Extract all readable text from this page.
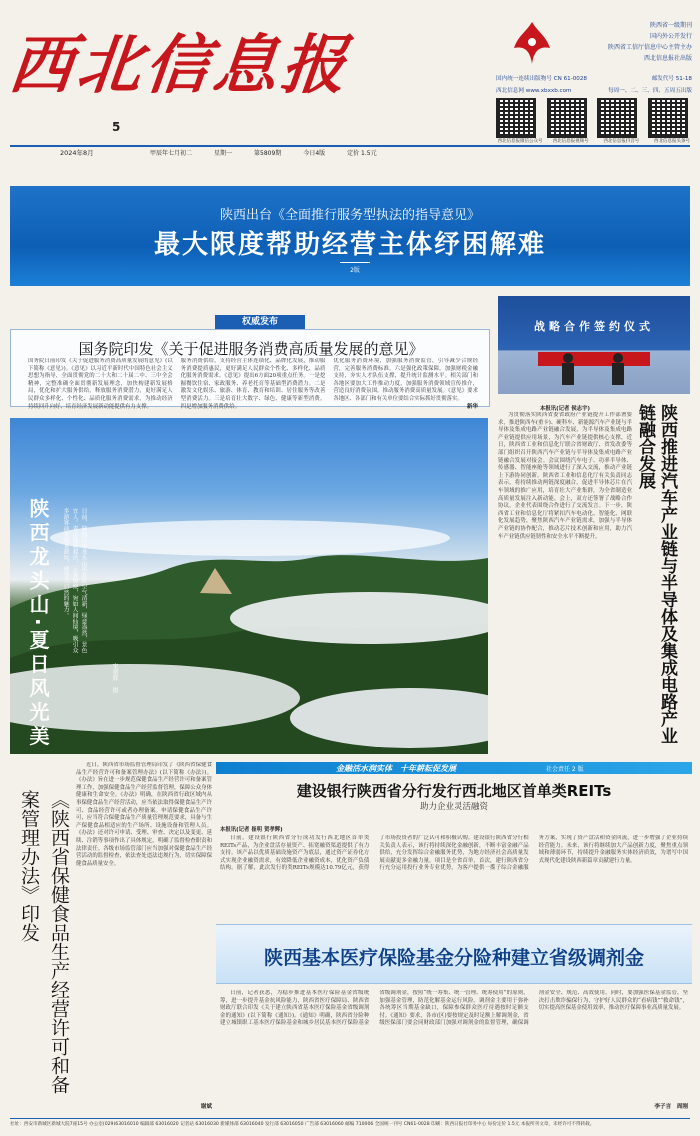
西北信息报
陕西省一级期刊
国内外公开发行
陕西省工信厅信息中心主管主办
西北信息报社出版
国内统一连续出版物号 CN 61-0028	邮发代号 51-18
西北信息网 www.xbxxb.com	每周一、二、三、四、五周五出版
西北信息报微信公众号	西北信息报视频号	西北信息报抖音号	西北信息报头条号
5
2024年8月	甲辰年七月初二	星期一	第5809期	今日4版	定价 1.5元
陕西出台《全面推行服务型执法的指导意见》
最大限度帮助经营主体纾困解难
2版
权威发布
国务院印发《关于促进服务消费高质量发展的意见》
国务院日前印发《关于促进服务消费高质量发展的意见》(以下简称《意见》)。《意见》以习近平新时代中国特色社会主义思想为指导，全面贯彻党的二十大和二十届二中、三中全会精神，完整准确全面贯彻新发展理念，加快构建新发展格局，优化和扩大服务供给，释放服务消费潜力，更好满足人民群众多样化、个性化、品质化服务消费需求，为推动经济持续回升向好、培育经济发展新动能提供有力支撑。
服务消费供给，支持经营主体连锁化、品牌化发展，推动服务消费提质惠民，更好满足人民群众个性化、多样化、品质化服务消费需求。《意见》提出6方面20项重点任务。一是挖掘餐饮住宿、家政服务、养老托育等基础型消费潜力。二是激发文化娱乐、旅游、体育、教育和培训、居住服务等改善型消费活力。三是培育壮大数字、绿色、健康等新型消费。四是增加服务消费供给。
优化服务消费环境，加强服务消费监管，引导减少合规经营，完善服务消费标准。六是强化政策保障，加强财税金融支持，夯实人才队伍支撑，提升统计监测水平。相关部门和各地区要加大工作推动力度，加强服务消费领域宣传推介，营造良好消费氛围，推动服务消费高质量发展。《意见》要求各地区、各部门和有关单位要结合实际抓好贯彻落实。
新华
陕西龙头山·夏日风光美	日前，陕西汉中龙头山风景区空气清新，绿意盎然，景色宜人。青山绵延起伏，云雾缭绕，宛如人间仙境，吸引众多游客前来避暑游玩，感受大自然的魅力。
宋朝辉　摄
战略合作签约仪式
陕西推进汽车产业链与半导体及集成电路产业链融合发展
本报讯(记者 侯志宇)
为贯彻落实陕西省委省政府产业链提升工作部署要求，推进陕西车(重卡)、硬科车、新能源汽车产业链与半导体及集成电路产业链融合发展，为半导体及集成电路产业链提供应用场景，为汽车产业链提供核心支撑，近日，陕西省工业和信息化厅联合省财政厅、省发改委等部门组织召开陕西汽车产业链与半导体及集成电路产业链融合发展对接会。会议围绕汽车电子、功率半导体、传感器、智能座舱等领域进行了深入交流，推动产业链上下游协同创新。陕西省工业和信息化厅有关负责同志表示，将持续推动两链深度融合，促进半导体芯片在汽车领域的推广应用，培育壮大产业集群，为全省制造业高质量发展注入新动能。会上，双方还签署了战略合作协议，企业代表围绕合作进行了交流发言。下一步，陕西省工业和信息化厅将紧扣汽车电动化、智能化、网联化发展趋势，聚焦陕西汽车产业链需求，加强与半导体产业链的协作配合，推动芯片技术创新和应用，助力汽车产业链供应链韧性和安全水平不断提升。
《陕西省保健食品生产经营许可和备案管理办法》印发
近日，陕西省市场监督管理局印发了《陕西省保健食品生产经营许可和备案管理办法》(以下简称《办法》)。《办法》旨在进一步规范保健食品生产经营许可和备案管理工作，加强保健食品生产经营监督管理，保障公众身体健康和生命安全。《办法》明确，在陕西省行政区域内从事保健食品生产经营活动，应当依法取得保健食品生产许可、食品经营许可或者办理备案。申请保健食品生产许可，应当符合保健食品生产质量管理规范要求，具备与生产保健食品相适应的生产场所、设施设备和管理人员。《办法》还对许可申请、受理、审查、决定以及变更、延续、注销等事项作出了具体规定，明确了监督检查职责和法律责任。各级市场监管部门应当加强对保健食品生产经营活动的监督检查，依法查处违法违规行为，切实保障保健食品质量安全。
谢斌
金融活水润实体　十年耕耘促发展	社会责任 2 版
建设银行陕西省分行发行西北地区首单类REITs
助力企业灵活融资
本报讯(记者 崔明 贺孝辉)
日前，建设银行陕西省分行成功发行西北地区首单类REITs产品，为企业盘活存量资产、拓宽融资渠道提供了有力支持。该产品以优质基础设施资产为底层，通过资产证券化方式实现企业融资需求，有效降低企业融资成本，优化资产负债结构。据了解，此次发行的类REITs规模达10.79亿元，获得了市场投资者的广泛认可和积极认购。建设银行陕西省分行相关负责人表示，该行将持续深化金融创新，不断丰富金融产品供给，充分发挥综合金融服务优势，为地方经济社会高质量发展贡献更多金融力量。项目是全省首单，首次，建行陕西省分行充分运用投行业务专业优势，为客户提供一揽子综合金融服务方案，实现了资产盘活和资金回流，进一步增强了企业持续经营能力。未来，该行将继续加大产品创新力度，聚焦重点领域和薄弱环节，持续提升金融服务实体经济质效，为谱写中国式现代化建设陕西新篇章贡献建行力量。
陕西基本医疗保险基金分险种建立省级调剂金
日前，记者获悉，为稳步推进基本医疗保险基金省级统筹，进一步提升基金抗风险能力，陕西省医疗保障局、陕西省财政厅联合印发《关于建立陕西省基本医疗保险基金省级调剂金的通知》(以下简称《通知》)。《通知》明确，陕西省分险种建立城镇职工基本医疗保险基金和城乡居民基本医疗保险基金省级调剂金，按照“统一筹集、统一管理、统筹使用”的原则，加强基金管理，防范化解基金运行风险。调剂金主要用于弥补各统筹区当期基金缺口，保障参保群众医疗待遇按时足额支付。《通知》要求，各市(区)要按规定及时足额上解调剂金，省级医保部门要会同财政部门加强对调剂金的监督管理，确保调剂金安全、规范、高效使用。同时，要加强医保基金监管，坚决打击欺诈骗保行为，守护好人民群众的“看病钱”“救命钱”，切实提高医保基金使用效率，推动医疗保障事业高质量发展。
李子言　周刚
社址：西安市新城区新城大院7座15号 办公室(029)63016010 编辑部 63016020 记者站 63016030 新媒体部 63016040 发行部 63016050 广告部 63016060 邮编 710006 全国统一刊号 CN61-0028 印刷：陕西日报社印务中心 每份定价 1.5元 本报所刊文章，未经许可不得转载。
